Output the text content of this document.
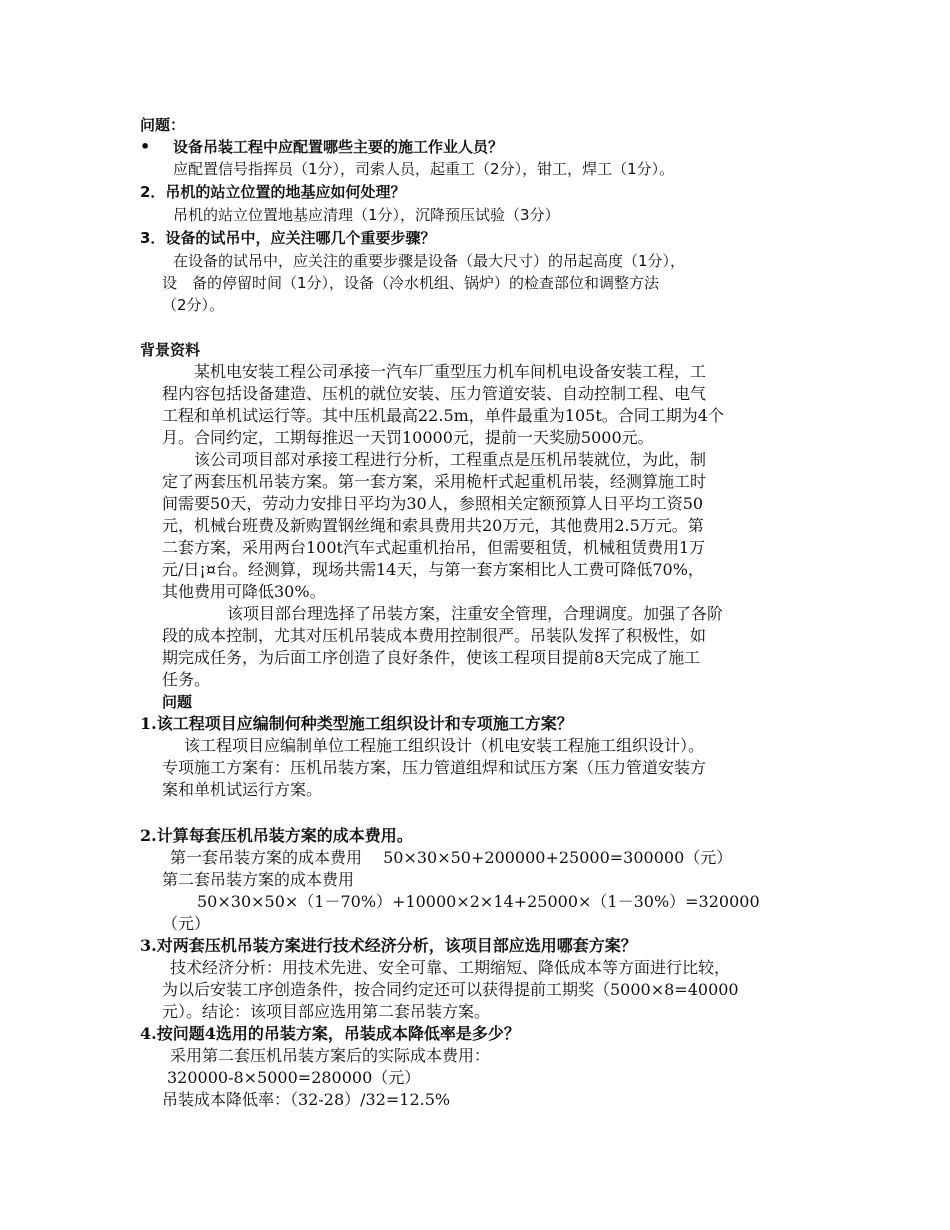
问题：
• 设备吊装工程中应配置哪些主要的施工作业人员？
应配置信号指挥员（1分），司索人员，起重工（2分），钳工，焊工（1分）。
2．吊机的站立位置的地基应如何处理？
吊机的站立位置地基应清理（1分），沉降预压试验（3分）
3．设备的试吊中，应关注哪几个重要步骤？
在设备的试吊中，应关注的重要步骤是设备（最大尺寸）的吊起高度（1分），
设　备的停留时间（1分），设备（冷水机组、锅炉）的检查部位和调整方法
（2分）。
背景资料
某机电安装工程公司承接一汽车厂重型压力机车间机电设备安装工程，工
程内容包括设备建造、压机的就位安装、压力管道安装、自动控制工程、电气
工程和单机试运行等。其中压机最高22.5m，单件最重为105t。合同工期为4个
月。合同约定，工期每推迟一天罚10000元，提前一天奖励5000元。
该公司项目部对承接工程进行分析，工程重点是压机吊装就位，为此，制
定了两套压机吊装方案。第一套方案，采用桅杆式起重机吊装，经测算施工时
间需要50天，劳动力安排日平均为30人，参照相关定额预算人日平均工资50
元，机械台班费及新购置钢丝绳和索具费用共20万元，其他费用2.5万元。第
二套方案，采用两台100t汽车式起重机抬吊，但需要租赁，机械租赁费用1万
元/日¡¤台。经测算，现场共需14天，与第一套方案相比人工费可降低70%，
其他费用可降低30%。
该项目部台理选择了吊装方案，注重安全管理，合理调度。加强了各阶
段的成本控制，尤其对压机吊装成本费用控制很严。吊装队发挥了积极性，如
期完成任务，为后面工序创造了良好条件，使该工程项目提前8天完成了施工
任务。
问题
1.该工程项目应编制何种类型施工组织设计和专项施工方案？
该工程项目应编制单位工程施工组织设计（机电安装工程施工组织设计）。
专项施工方案有：压机吊装方案，压力管道组焊和试压方案（压力管道安装方
案和单机试运行方案。
2.计算每套压机吊装方案的成本费用。
第一套吊装方案的成本费用　 50×30×50+200000+25000=300000（元）
第二套吊装方案的成本费用
50×30×50×（1－70%）+10000×2×14+25000×（1－30%）=320000
（元）
3.对两套压机吊装方案进行技术经济分析，该项目部应选用哪套方案？
技术经济分析：用技术先进、安全可靠、工期缩短、降低成本等方面进行比较，
为以后安装工序创造条件，按合同约定还可以获得提前工期奖（5000×8=40000
元）。结论：该项目部应选用第二套吊装方案。
4.按问题4选用的吊装方案，吊装成本降低率是多少？
采用第二套压机吊装方案后的实际成本费用：
320000-8×5000=280000（元）
吊装成本降低率：（32-28）/32=12.5%
